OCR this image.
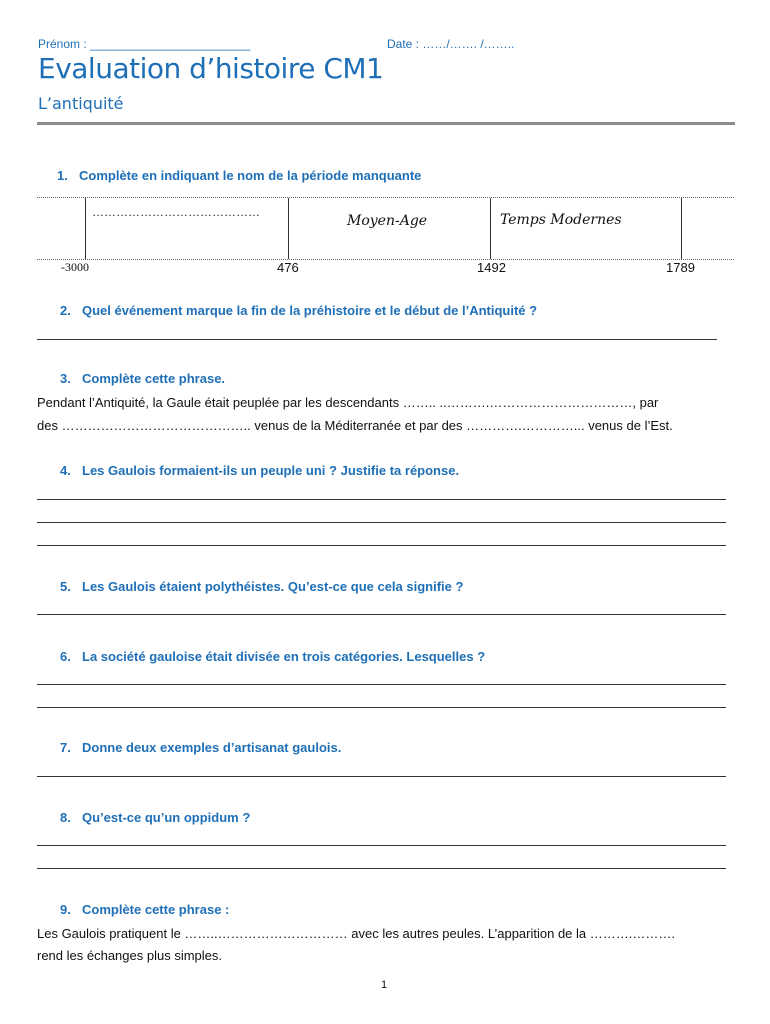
Prénom : ________________________	Date : ……/……. /……..
Evaluation d’histoire CM1
L’antiquité
1. Complète en indiquant le nom de la période manquante
……………………………………
Moyen-Age	Temps Modernes
-3000	476	1492	1789
2. Quel événement marque la fin de la préhistoire et le début de l’Antiquité ?
3. Complète cette phrase.
Pendant l’Antiquité, la Gaule était peuplée par les descendants …….. ..……….……………………………, par
des …………………………………….. venus de la Méditerranée et par des ………….…………... venus de l’Est.
4. Les Gaulois formaient-ils un peuple uni ? Justifie ta réponse.
5. Les Gaulois étaient polythéistes. Qu’est-ce que cela signifie ?
6. La société gauloise était divisée en trois catégories. Lesquelles ?
7. Donne deux exemples d’artisanat gaulois.
8. Qu’est-ce qu’un oppidum ?
9. Complète cette phrase :
Les Gaulois pratiquent le ……..………………………… avec les autres peules. L’apparition de la ……….……….
rend les échanges plus simples.
1
